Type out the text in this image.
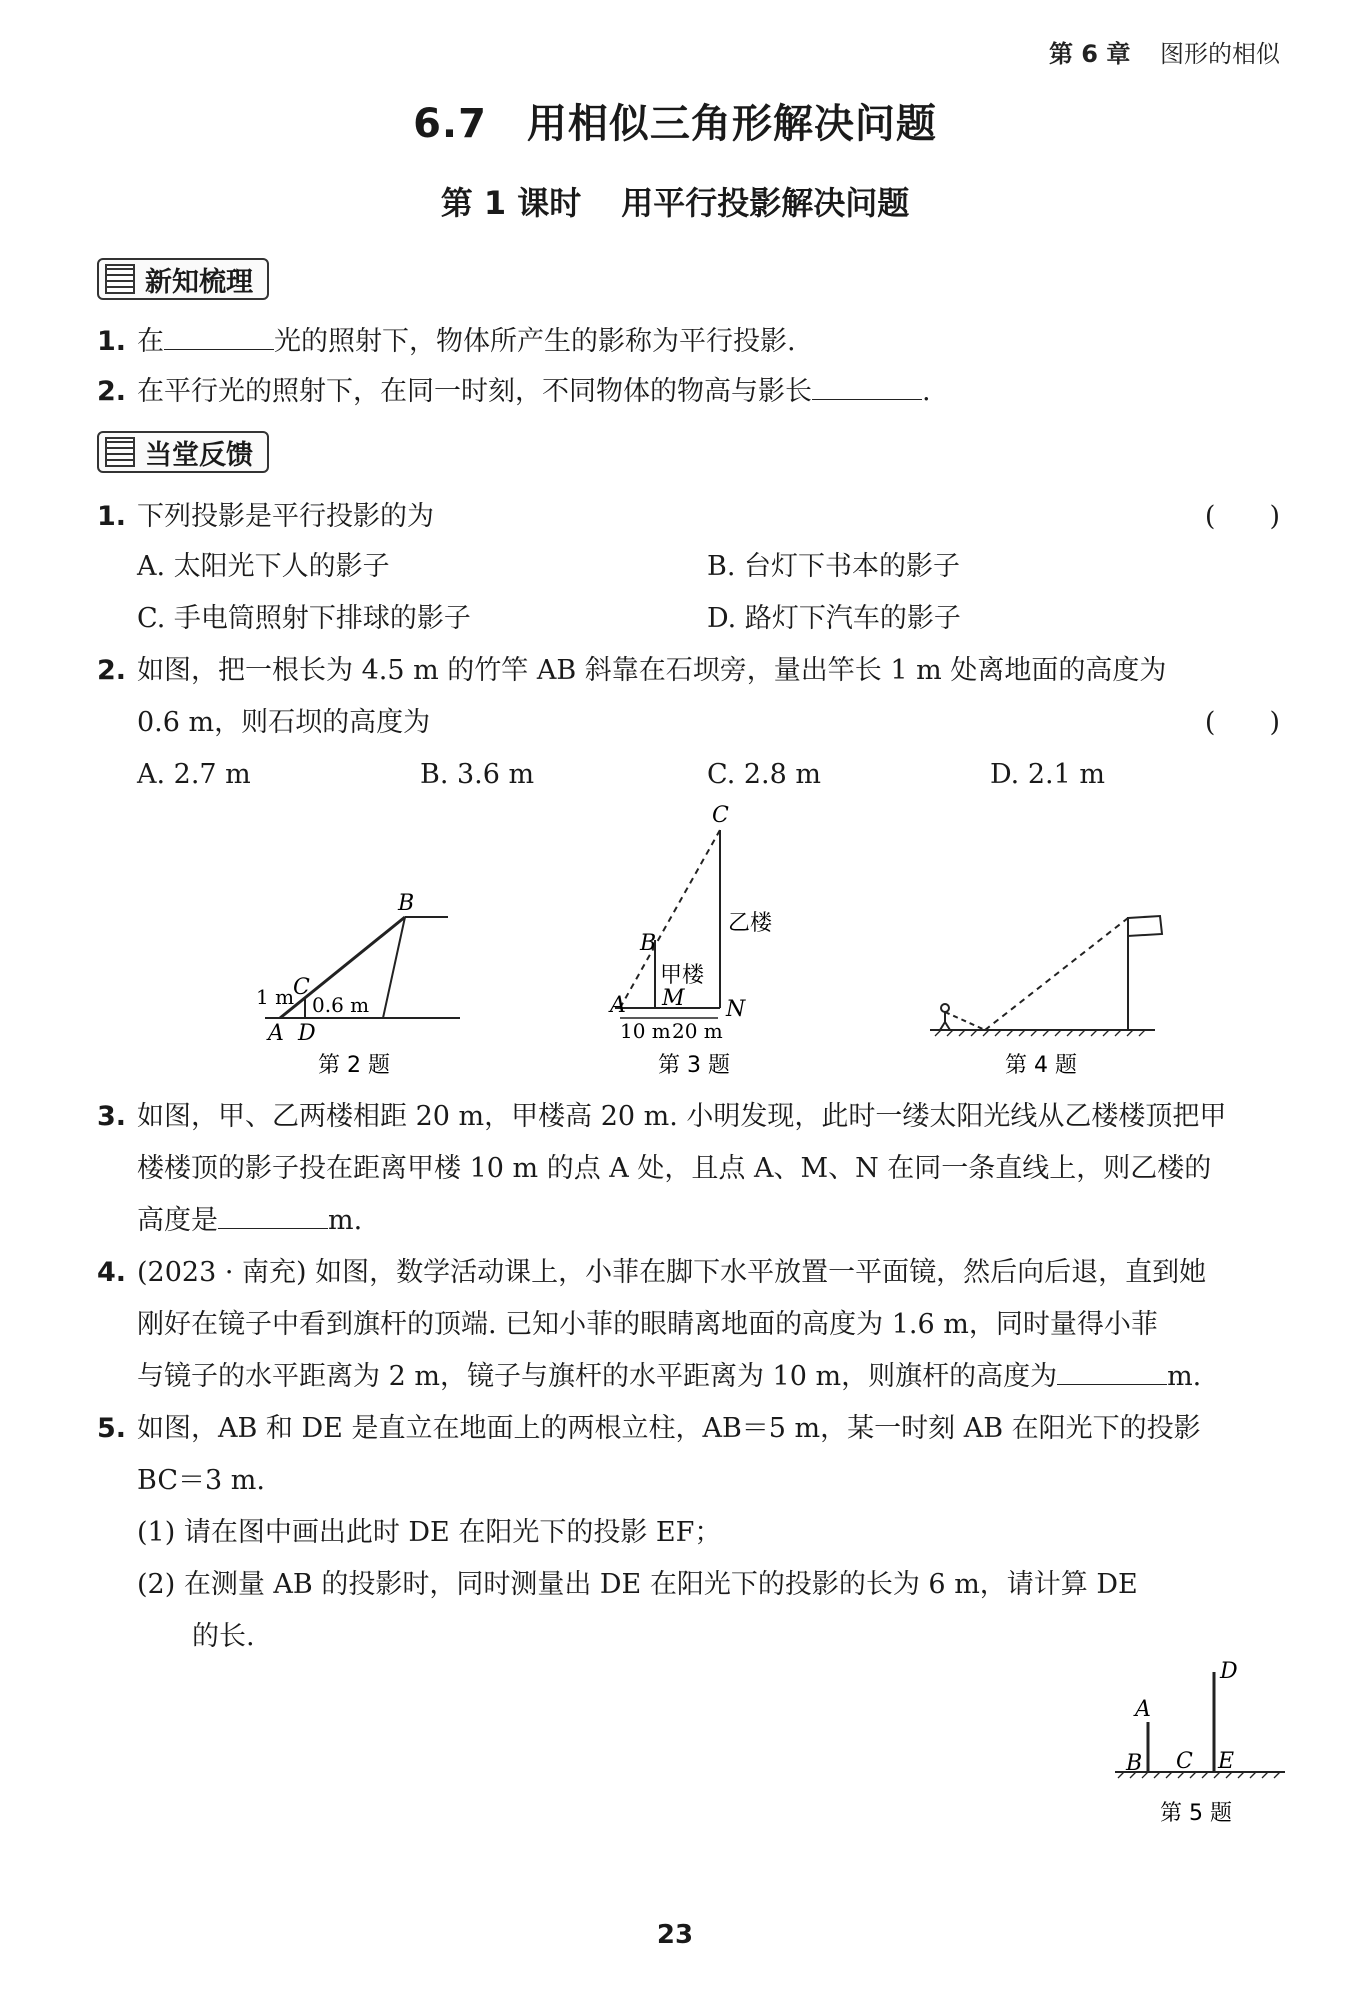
第 6 章 图形的相似
6.7 用相似三角形解决问题
第 1 课时 用平行投影解决问题
新知梳理
1. 在	光的照射下，物体所产生的影称为平行投影.
2. 在平行光的照射下，在同一时刻，不同物体的物高与影长	.
当堂反馈
1. 下列投影是平行投影的为	(　　)
A. 太阳光下人的影子	B. 台灯下书本的影子
C. 手电筒照射下排球的影子	D. 路灯下汽车的影子
2. 如图，把一根长为 4.5 m 的竹竿 AB 斜靠在石坝旁，量出竿长 1 m 处离地面的高度为
0.6 m，则石坝的高度为	(　　)
A. 2.7 m	B. 3.6 m	C. 2.8 m	D. 2.1 m
B
C
A D
1 m 0.6 m
第 2 题
C
B
A M N
甲楼
乙楼
10 m 20 m
第 3 题	第 4 题
3. 如图，甲、乙两楼相距 20 m，甲楼高 20 m. 小明发现，此时一缕太阳光线从乙楼楼顶把甲
楼楼顶的影子投在距离甲楼 10 m 的点 A 处，且点 A、M、N 在同一条直线上，则乙楼的
高度是	m.
4. (2023 · 南充) 如图，数学活动课上，小菲在脚下水平放置一平面镜，然后向后退，直到她
刚好在镜子中看到旗杆的顶端. 已知小菲的眼睛离地面的高度为 1.6 m，同时量得小菲
与镜子的水平距离为 2 m，镜子与旗杆的水平距离为 10 m，则旗杆的高度为	m.
5. 如图，AB 和 DE 是直立在地面上的两根立柱，AB＝5 m，某一时刻 AB 在阳光下的投影
BC＝3 m.
(1) 请在图中画出此时 DE 在阳光下的投影 EF；
(2) 在测量 AB 的投影时，同时测量出 DE 在阳光下的投影的长为 6 m，请计算 DE
的长.
A
B C
D
E
第 5 题
23
